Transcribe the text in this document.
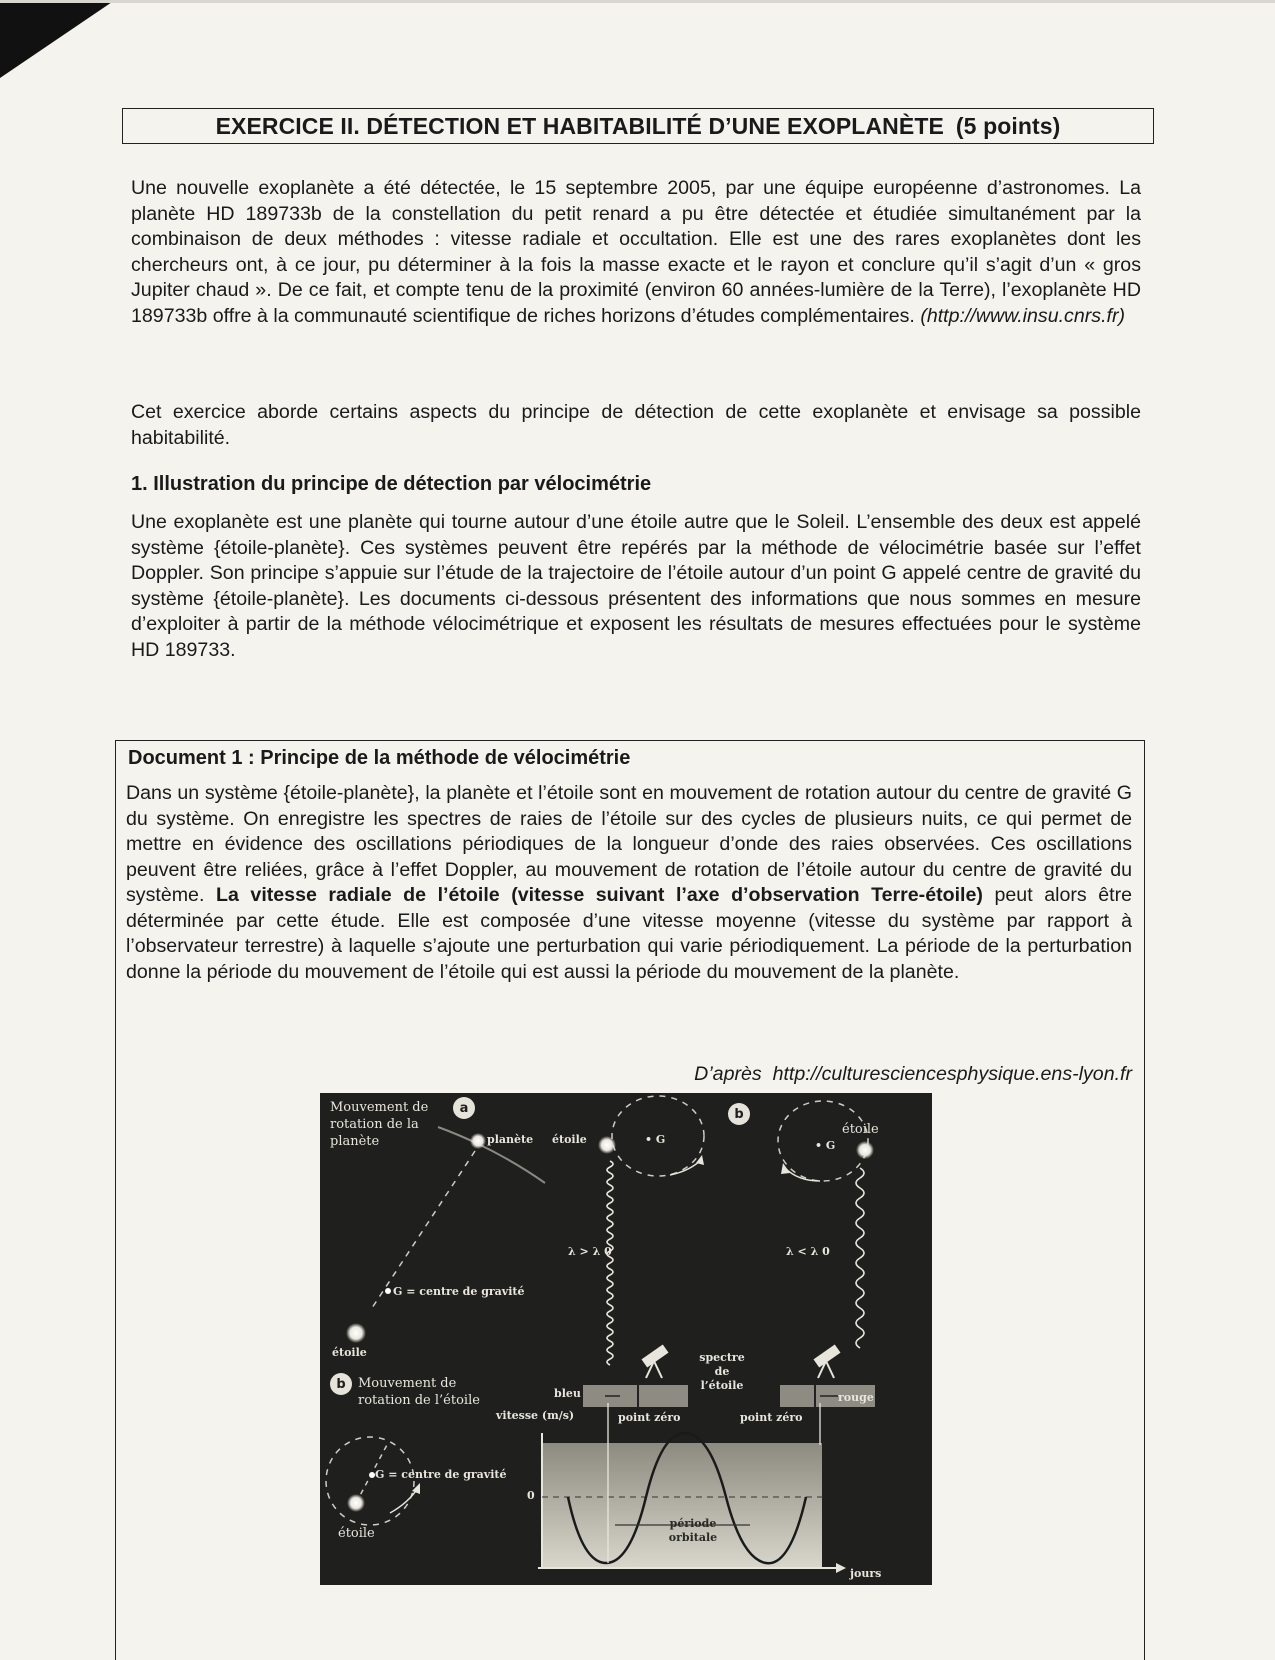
EXERCICE II. DÉTECTION ET HABITABILITÉ D’UNE EXOPLANÈTE (5 points)
Une nouvelle exoplanète a été détectée, le 15 septembre 2005, par une équipe européenne d’astronomes. La planète HD 189733b de la constellation du petit renard a pu être détectée et étudiée simultanément par la combinaison de deux méthodes : vitesse radiale et occultation. Elle est une des rares exoplanètes dont les chercheurs ont, à ce jour, pu déterminer à la fois la masse exacte et le rayon et conclure qu’il s’agit d’un « gros Jupiter chaud ». De ce fait, et compte tenu de la proximité (environ 60 années-lumière de la Terre), l’exoplanète HD 189733b offre à la communauté scientifique de riches horizons d’études complémentaires. (http://www.insu.cnrs.fr)
Cet exercice aborde certains aspects du principe de détection de cette exoplanète et envisage sa possible habitabilité.
1. Illustration du principe de détection par vélocimétrie
Une exoplanète est une planète qui tourne autour d’une étoile autre que le Soleil. L’ensemble des deux est appelé système {étoile-planète}. Ces systèmes peuvent être repérés par la méthode de vélocimétrie basée sur l’effet Doppler. Son principe s’appuie sur l’étude de la trajectoire de l’étoile autour d’un point G appelé centre de gravité du système {étoile-planète}. Les documents ci-dessous présentent des informations que nous sommes en mesure d’exploiter à partir de la méthode vélocimétrique et exposent les résultats de mesures effectuées pour le système HD 189733.
Document 1 : Principe de la méthode de vélocimétrie
Dans un système {étoile-planète}, la planète et l’étoile sont en mouvement de rotation autour du centre de gravité G du système. On enregistre les spectres de raies de l’étoile sur des cycles de plusieurs nuits, ce qui permet de mettre en évidence des oscillations périodiques de la longueur d’onde des raies observées. Ces oscillations peuvent être reliées, grâce à l’effet Doppler, au mouvement de rotation de l’étoile autour du centre de gravité du système. La vitesse radiale de l’étoile (vitesse suivant l’axe d’observation Terre-étoile) peut alors être déterminée par cette étude. Elle est composée d’une vitesse moyenne (vitesse du système par rapport à l’observateur terrestre) à laquelle s’ajoute une perturbation qui varie périodiquement. La période de la perturbation donne la période du mouvement de l’étoile qui est aussi la période du mouvement de la planète.
D’après http://culturesciencesphysique.ens-lyon.fr
a	b
b
Mouvement de rotation de la planète	planète étoile	• G
étoile
• G
G = centre de gravité
étoile
λ > λ 0	λ < λ 0
spectre de l’étoile
Mouvement de rotation de l’étoile	bleu	rouge
vitesse (m/s)	point zéro	point zéro
G = centre de gravité
0
étoile
période orbitale
jours
